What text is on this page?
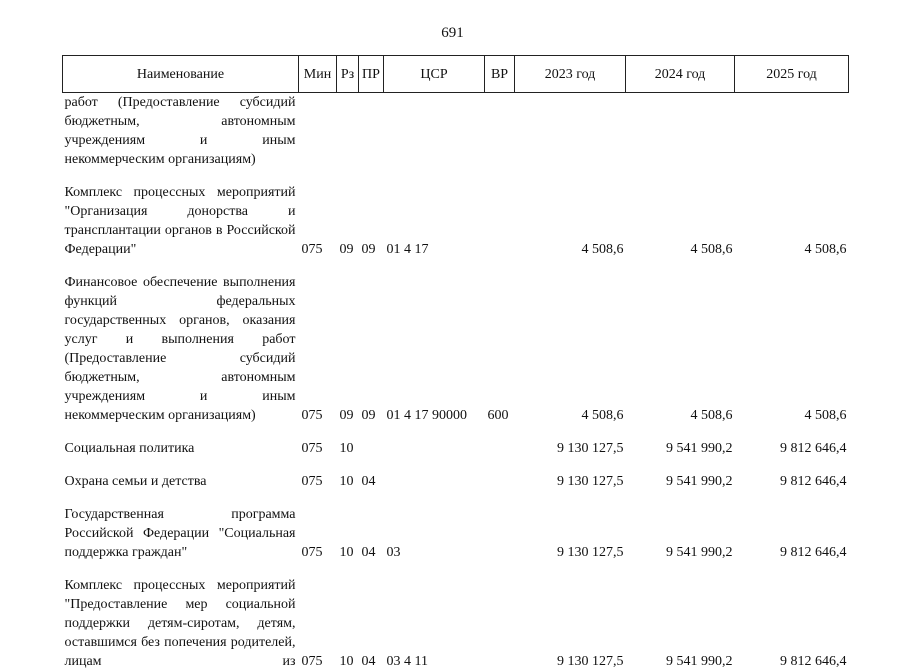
691
Наименование	Мин	Рз	ПР	ЦСР	ВР	2023 год	2024 год	2025 год
работ (Предоставление субсидий бюджетным, автономным учреждениям и иным некоммерческим организациям)								
Комплекс процессных мероприятий "Организация донорства и трансплантации органов в Российской Федерации"	075	09	09	01 4 17		4 508,6	4 508,6	4 508,6
Финансовое обеспечение выполнения функций федеральных государственных органов, оказания услуг и выполнения работ (Предоставление субсидий бюджетным, автономным учреждениям и иным некоммерческим организациям)	075	09	09	01 4 17 90000	600	4 508,6	4 508,6	4 508,6
Социальная политика	075	10				9 130 127,5	9 541 990,2	9 812 646,4
Охрана семьи и детства	075	10	04			9 130 127,5	9 541 990,2	9 812 646,4
Государственная программа Российской Федерации "Социальная поддержка граждан"	075	10	04	03		9 130 127,5	9 541 990,2	9 812 646,4
Комплекс процессных мероприятий "Предоставление мер социальной поддержки детям-сиротам, детям, оставшимся без попечения родителей, лицам из	075	10	04	03 4 11		9 130 127,5	9 541 990,2	9 812 646,4
